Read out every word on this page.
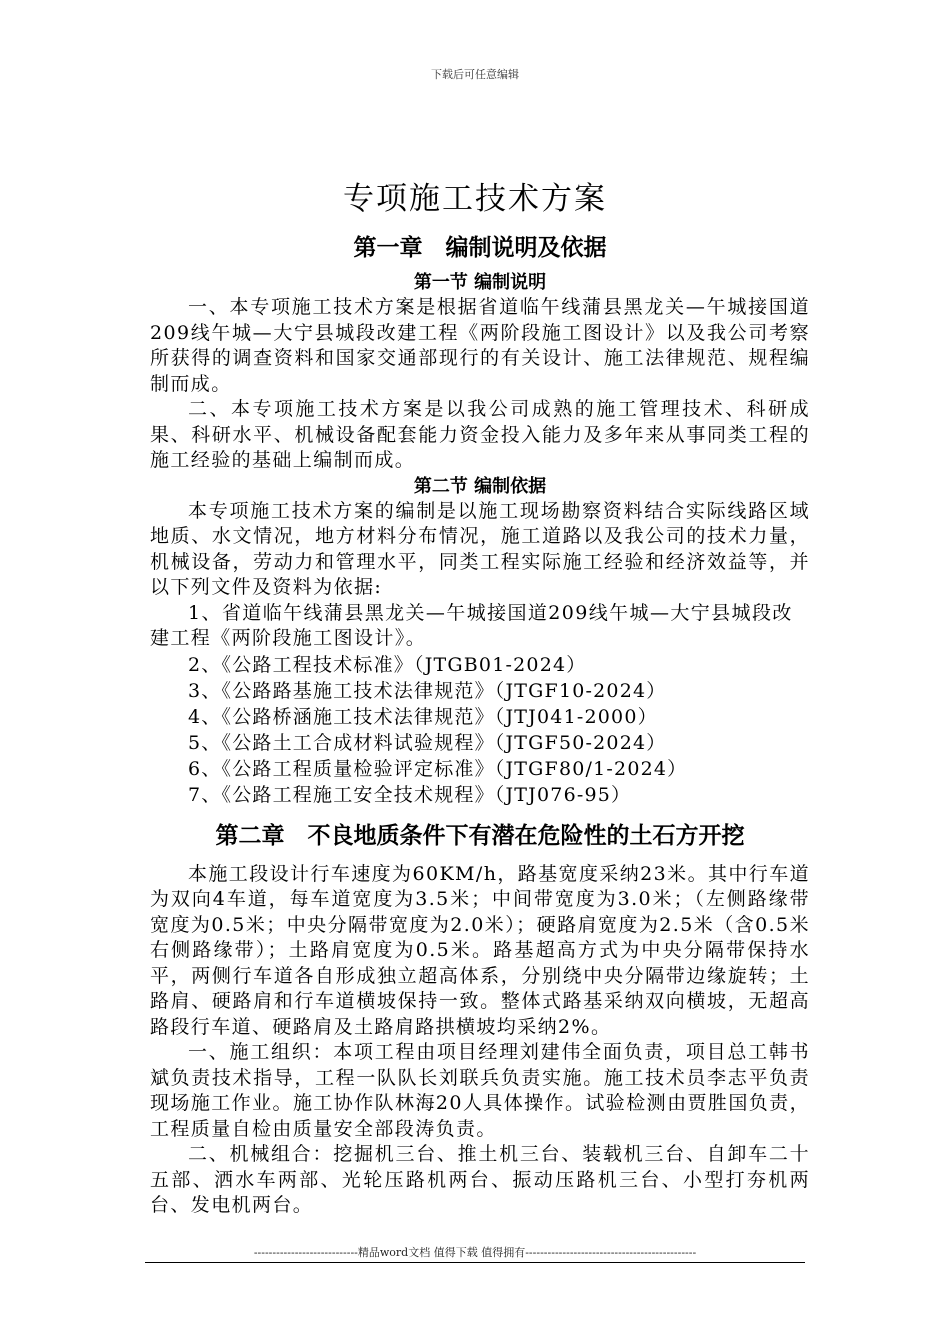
下载后可任意编辑
专项施工技术方案
第一章　编制说明及依据
第一节 编制说明

一、本专项施工技术方案是根据省道临午线蒲县黑龙关—午城接国道209线午城—大宁县城段改建工程《两阶段施工图设计》以及我公司考察所获得的调查资料和国家交通部现行的有关设计、施工法律规范、规程编制而成。

二、本专项施工技术方案是以我公司成熟的施工管理技术、科研成果、科研水平、机械设备配套能力资金投入能力及多年来从事同类工程的施工经验的基础上编制而成。

第二节 编制依据

本专项施工技术方案的编制是以施工现场勘察资料结合实际线路区域地质、水文情况，地方材料分布情况，施工道路以及我公司的技术力量，机械设备，劳动力和管理水平，同类工程实际施工经验和经济效益等，并以下列文件及资料为依据:

1、省道临午线蒲县黑龙关—午城接国道209线午城—大宁县城段改建工程《两阶段施工图设计》。

2、《公路工程技术标准》（JTGB01-2024）

3、《公路路基施工技术法律规范》（JTGF10-2024）

4、《公路桥涵施工技术法律规范》（JTJ041-2000）

5、《公路土工合成材料试验规程》（JTGF50-2024）

6、《公路工程质量检验评定标准》（JTGF80/1-2024）

7、《公路工程施工安全技术规程》（JTJ076-95）

第二章　不良地质条件下有潜在危险性的土石方开挖

本施工段设计行车速度为60KM/h，路基宽度采纳23米。其中行车道为双向4车道，每车道宽度为3.5米；中间带宽度为3.0米；（左侧路缘带宽度为0.5米；中央分隔带宽度为2.0米）；硬路肩宽度为2.5米（含0.5米右侧路缘带）；土路肩宽度为0.5米。路基超高方式为中央分隔带保持水平，两侧行车道各自形成独立超高体系，分别绕中央分隔带边缘旋转；土路肩、硬路肩和行车道横坡保持一致。整体式路基采纳双向横坡，无超高路段行车道、硬路肩及土路肩路拱横坡均采纳2%。

一、施工组织：本项工程由项目经理刘建伟全面负责，项目总工韩书斌负责技术指导，工程一队队长刘联兵负责实施。施工技术员李志平负责现场施工作业。施工协作队林海20人具体操作。试验检测由贾胜国负责，工程质量自检由质量安全部段涛负责。

二、机械组合：挖掘机三台、推土机三台、装载机三台、自卸车二十五部、洒水车两部、光轮压路机两台、振动压路机三台、小型打夯机两台、发电机两台。

----------------------------精品word文档 值得下载 值得拥有----------------------------------------------
